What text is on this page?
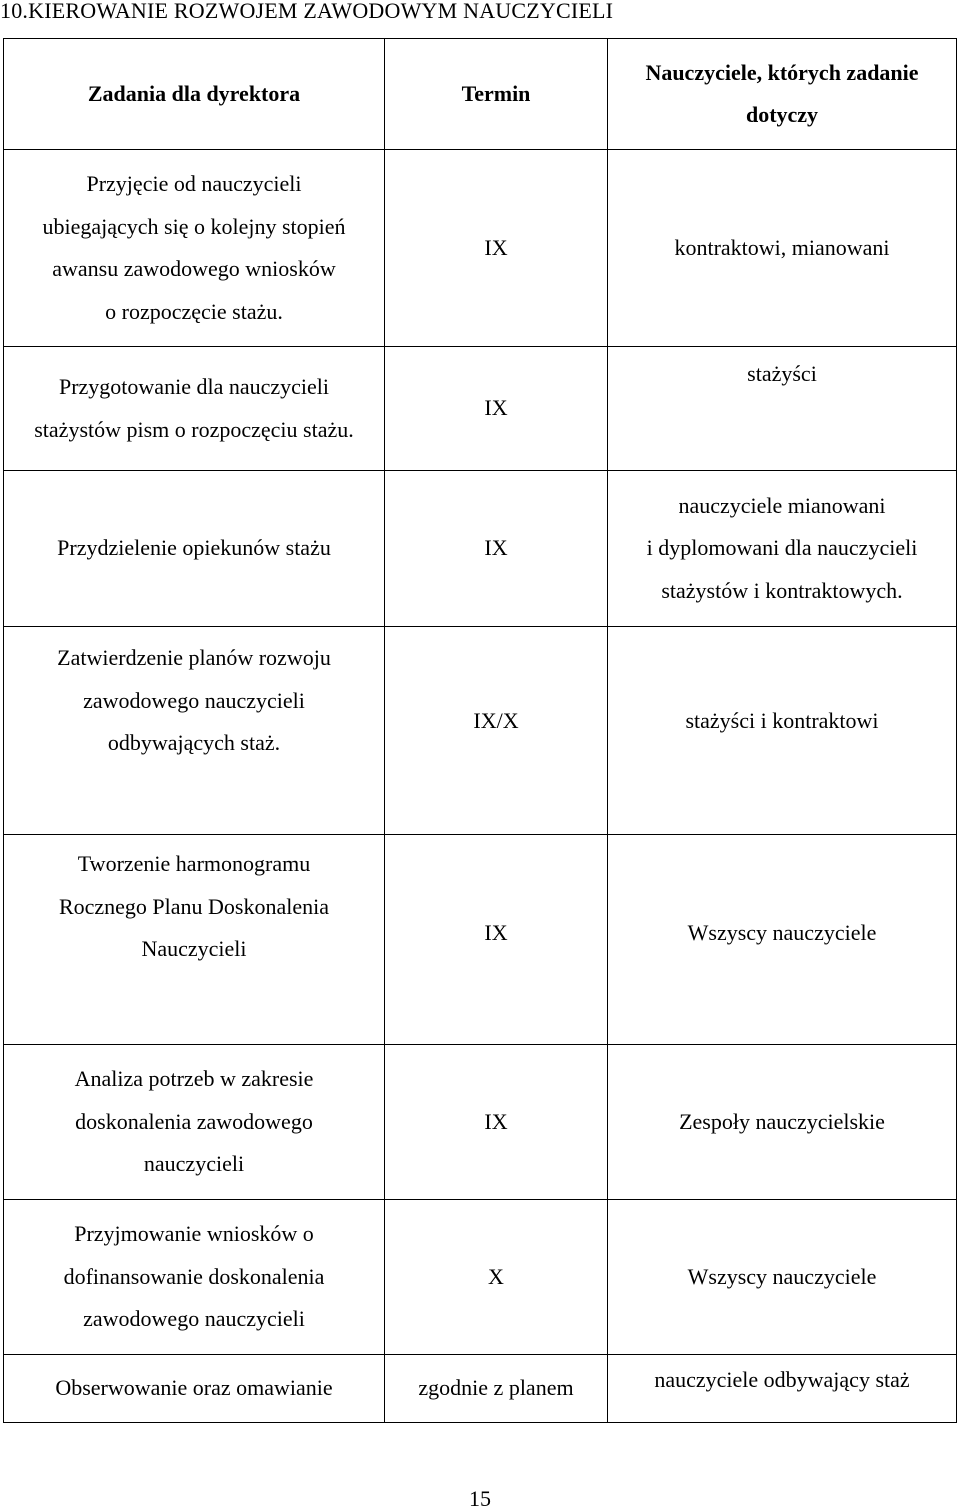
10.KIEROWANIE ROZWOJEM ZAWODOWYM NAUCZYCIELI
Zadania dla dyrektora	Termin	Nauczyciele, których zadanie
dotyczy

Przyjęcie od nauczycieli
ubiegających się o kolejny stopień
awansu zawodowego wniosków
o rozpoczęcie stażu.	IX	kontraktowi, mianowani

Przygotowanie dla nauczycieli
stażystów pism o rozpoczęciu stażu.	IX	stażyści

Przydzielenie opiekunów stażu	IX	nauczyciele mianowani
i dyplomowani dla nauczycieli
stażystów i kontraktowych.

Zatwierdzenie planów rozwoju
zawodowego nauczycieli
odbywających staż.	IX/X	stażyści i kontraktowi

Tworzenie harmonogramu
Rocznego Planu Doskonalenia
Nauczycieli	IX	Wszyscy nauczyciele

Analiza potrzeb w zakresie
doskonalenia zawodowego
nauczycieli	IX	Zespoły nauczycielskie

Przyjmowanie wniosków o
dofinansowanie doskonalenia
zawodowego nauczycieli	X	Wszyscy nauczyciele

Obserwowanie oraz omawianie	zgodnie z planem	nauczyciele odbywający staż
15
